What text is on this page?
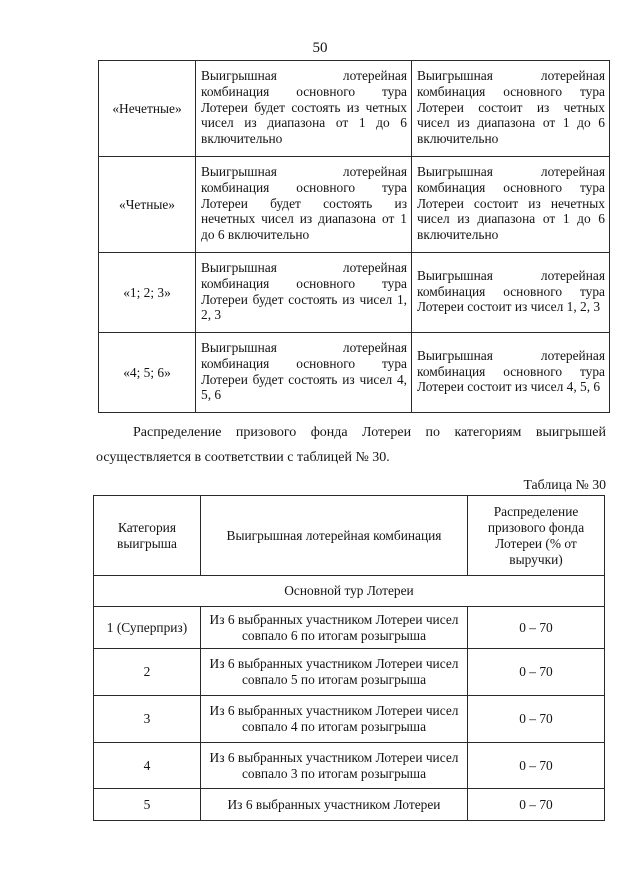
50
«Нечетные»	Выигрышная лотерейная комбинация основного тура Лотереи будет состоять из четных чисел из диапазона от 1 до 6 включительно	Выигрышная лотерейная комбинация основного тура Лотереи состоит из четных чисел из диапазона от 1 до 6 включительно
«Четные»	Выигрышная лотерейная комбинация основного тура Лотереи будет состоять из нечетных чисел из диапазона от 1 до 6 включительно	Выигрышная лотерейная комбинация основного тура Лотереи состоит из нечетных чисел из диапазона от 1 до 6 включительно
«1; 2; 3»	Выигрышная лотерейная комбинация основного тура Лотереи будет состоять из чисел 1, 2, 3	Выигрышная лотерейная комбинация основного тура Лотереи состоит из чисел 1, 2, 3
«4; 5; 6»	Выигрышная лотерейная комбинация основного тура Лотереи будет состоять из чисел 4, 5, 6	Выигрышная лотерейная комбинация основного тура Лотереи состоит из чисел 4, 5, 6
Распределение призового фонда Лотереи по категориям выигрышей осуществляется в соответствии с таблицей № 30.
Таблица № 30
Категория выигрыша	Выигрышная лотерейная комбинация	Распределение призового фонда Лотереи (% от выручки)
Основной тур Лотереи		
1 (Суперприз)	Из 6 выбранных участником Лотереи чисел совпало 6 по итогам розыгрыша	0 – 70
2	Из 6 выбранных участником Лотереи чисел совпало 5 по итогам розыгрыша	0 – 70
3	Из 6 выбранных участником Лотереи чисел совпало 4 по итогам розыгрыша	0 – 70
4	Из 6 выбранных участником Лотереи чисел совпало 3 по итогам розыгрыша	0 – 70
5	Из 6 выбранных участником Лотереи	0 – 70
